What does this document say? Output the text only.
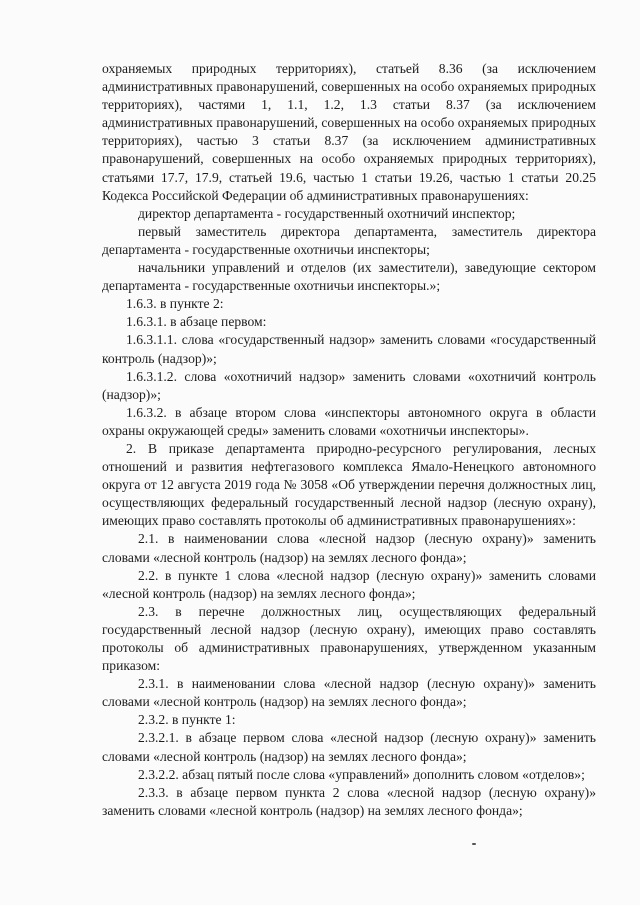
охраняемых природных территориях), статьей 8.36 (за исключением административных правонарушений, совершенных на особо охраняемых природных территориях), частями 1, 1.1, 1.2, 1.3 статьи 8.37 (за исключением административных правонарушений, совершенных на особо охраняемых природных территориях), частью 3 статьи 8.37 (за исключением административных правонарушений, совершенных на особо охраняемых природных территориях), статьями 17.7, 17.9, статьей 19.6, частью 1 статьи 19.26, частью 1 статьи 20.25 Кодекса Российской Федерации об административных правонарушениях:

директор департамента - государственный охотничий инспектор;

первый заместитель директора департамента, заместитель директора департамента - государственные охотничьи инспекторы;

начальники управлений и отделов (их заместители), заведующие сектором департамента - государственные охотничьи инспекторы.»;

1.6.3. в пункте 2:

1.6.3.1. в абзаце первом:

1.6.3.1.1. слова «государственный надзор» заменить словами «государственный контроль (надзор)»;

1.6.3.1.2. слова «охотничий надзор» заменить словами «охотничий контроль (надзор)»;

1.6.3.2. в абзаце втором слова «инспекторы автономного округа в области охраны окружающей среды» заменить словами «охотничьи инспекторы».

2. В приказе департамента природно-ресурсного регулирования, лесных отношений и развития нефтегазового комплекса Ямало-Ненецкого автономного округа от 12 августа 2019 года № 3058 «Об утверждении перечня должностных лиц, осуществляющих федеральный государственный лесной надзор (лесную охрану), имеющих право составлять протоколы об административных правонарушениях»:

2.1. в наименовании слова «лесной надзор (лесную охрану)» заменить словами «лесной контроль (надзор) на землях лесного фонда»;

2.2. в пункте 1 слова «лесной надзор (лесную охрану)» заменить словами «лесной контроль (надзор) на землях лесного фонда»;

2.3. в перечне должностных лиц, осуществляющих федеральный государственный лесной надзор (лесную охрану), имеющих право составлять протоколы об административных правонарушениях, утвержденном указанным приказом:

2.3.1. в наименовании слова «лесной надзор (лесную охрану)» заменить словами «лесной контроль (надзор) на землях лесного фонда»;

2.3.2. в пункте 1:

2.3.2.1. в абзаце первом слова «лесной надзор (лесную охрану)» заменить словами «лесной контроль (надзор) на землях лесного фонда»;

2.3.2.2. абзац пятый после слова «управлений» дополнить словом «отделов»;

2.3.3. в абзаце первом пункта 2 слова «лесной надзор (лесную охрану)» заменить словами «лесной контроль (надзор) на землях лесного фонда»;
